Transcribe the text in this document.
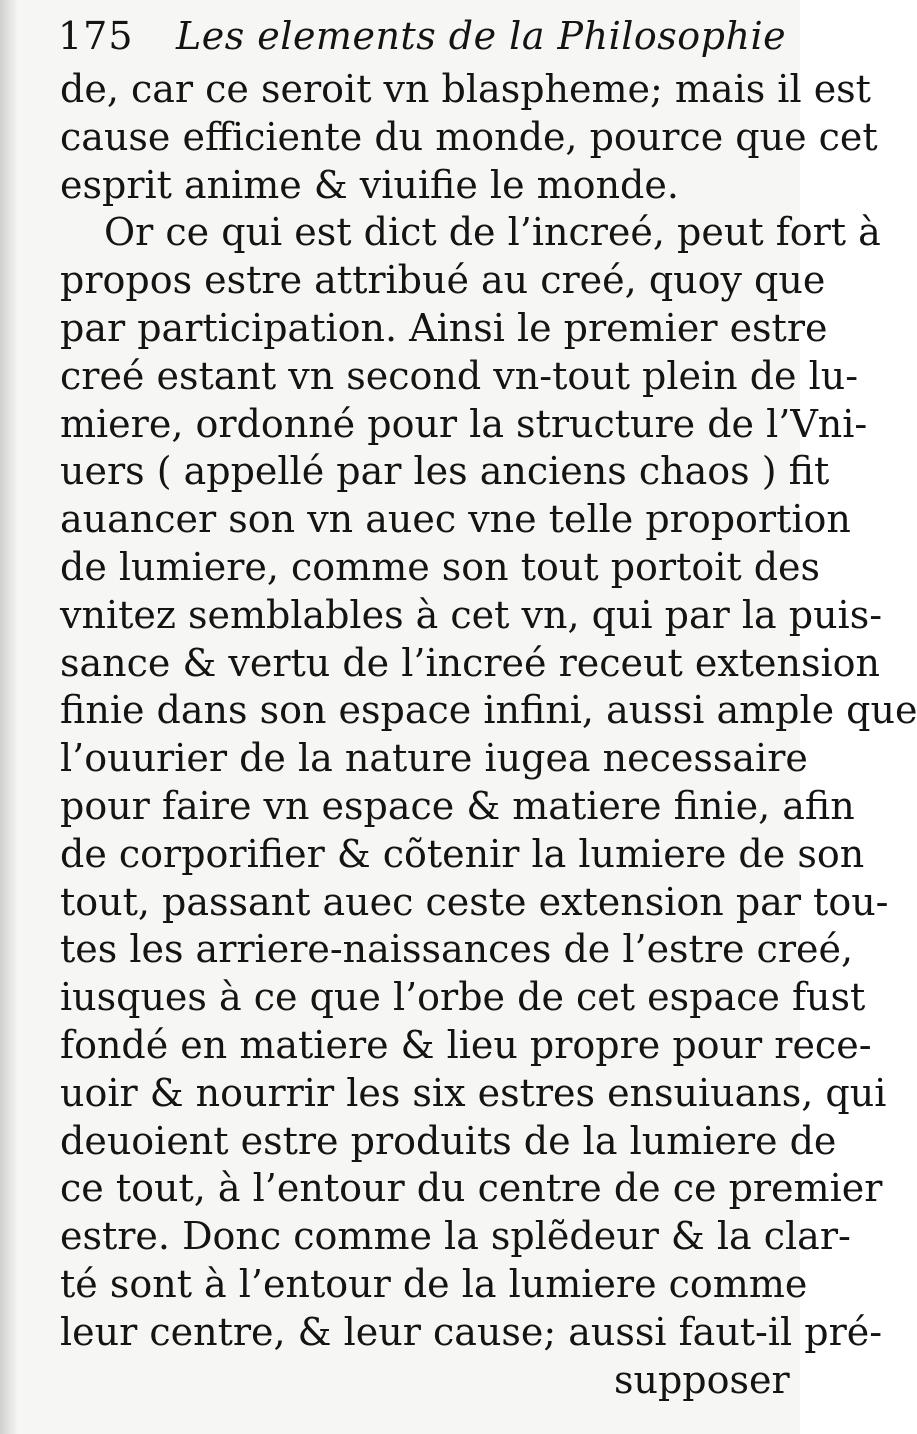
175 Les elements de la Philosophie
de, car ce seroit vn blaspheme; mais il est
cause efficiente du monde, pource que cet
esprit anime & viuifie le monde.
Or ce qui est dict de l’increé, peut fort à
propos estre attribué au creé, quoy que
par participation. Ainsi le premier estre
creé estant vn second vn-tout plein de lu-
miere, ordonné pour la structure de l’Vni-
uers ( appellé par les anciens chaos ) fit
auancer son vn auec vne telle proportion
de lumiere, comme son tout portoit des
vnitez semblables à cet vn, qui par la puis-
sance & vertu de l’increé receut extension
finie dans son espace infini, aussi ample que
l’ouurier de la nature iugea necessaire
pour faire vn espace & matiere finie, afin
de corporifier & cõtenir la lumiere de son
tout, passant auec ceste extension par tou-
tes les arriere-naissances de l’estre creé,
iusques à ce que l’orbe de cet espace fust
fondé en matiere & lieu propre pour rece-
uoir & nourrir les six estres ensuiuans, qui
deuoient estre produits de la lumiere de
ce tout, à l’entour du centre de ce premier
estre. Donc comme la splẽdeur & la clar-
té sont à l’entour de la lumiere comme
leur centre, & leur cause; aussi faut-il pré-
supposer
